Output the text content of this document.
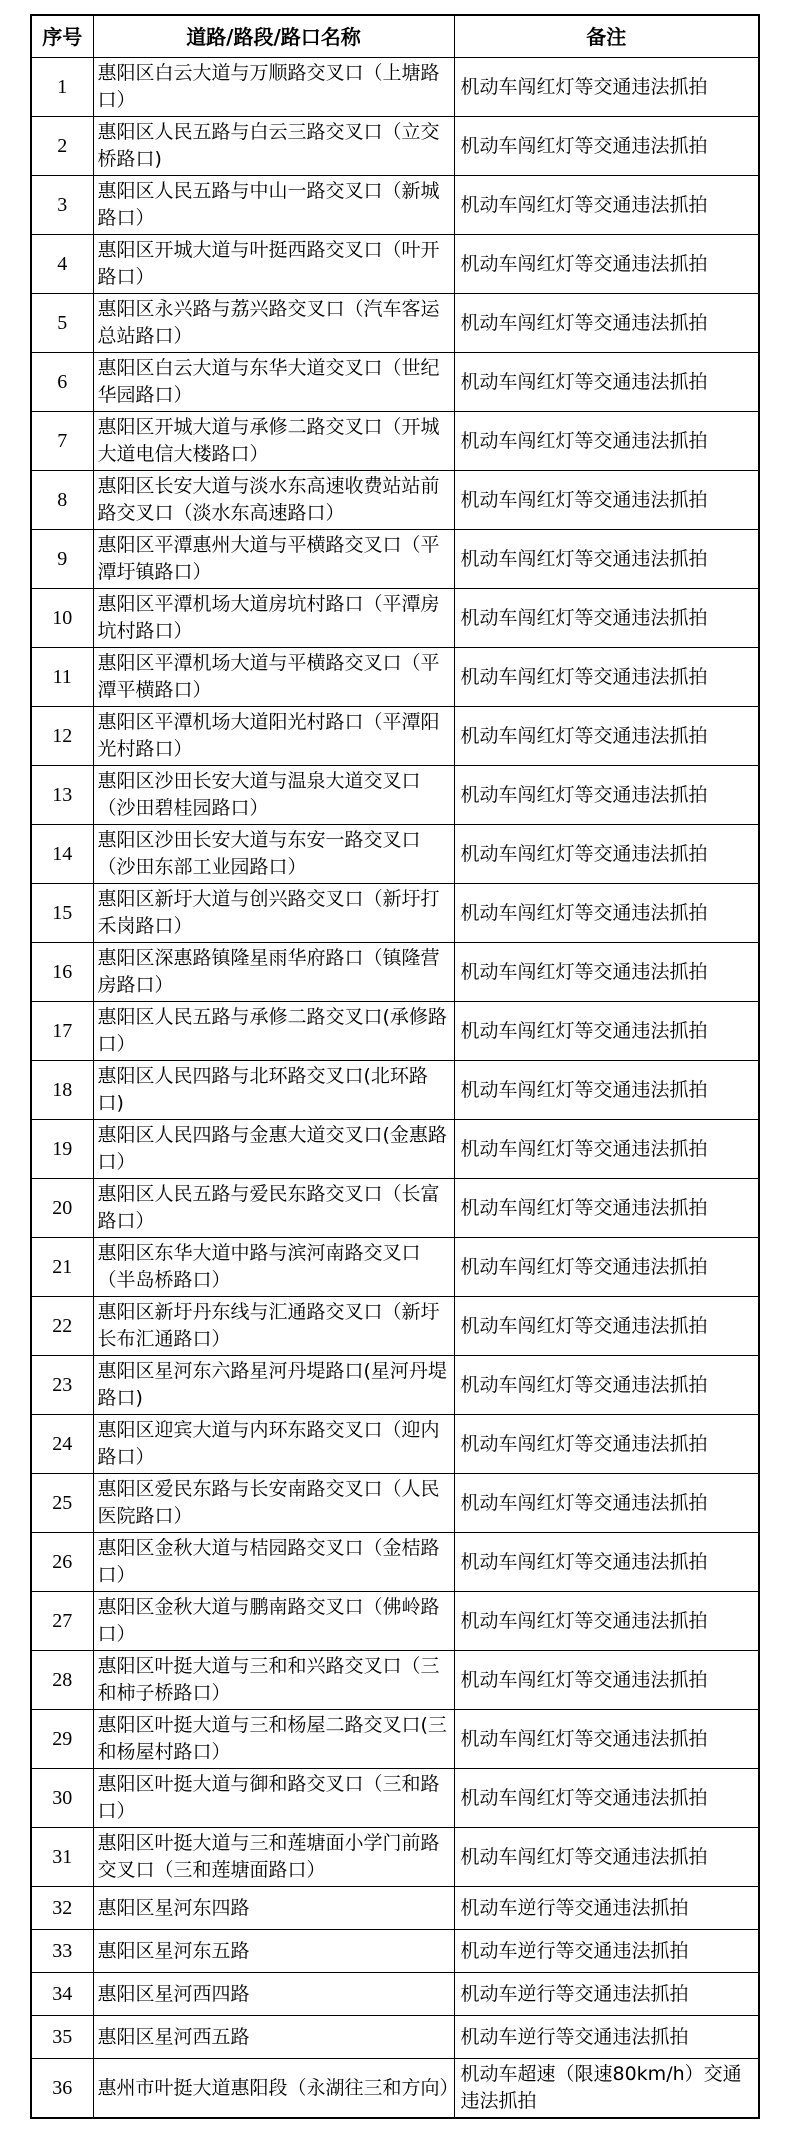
序号	道路/路段/路口名称	备注
1	惠阳区白云大道与万顺路交叉口（上塘路口）	机动车闯红灯等交通违法抓拍
2	惠阳区人民五路与白云三路交叉口（立交桥路口)	机动车闯红灯等交通违法抓拍
3	惠阳区人民五路与中山一路交叉口（新城路口）	机动车闯红灯等交通违法抓拍
4	惠阳区开城大道与叶挺西路交叉口（叶开路口）	机动车闯红灯等交通违法抓拍
5	惠阳区永兴路与荔兴路交叉口（汽车客运总站路口）	机动车闯红灯等交通违法抓拍
6	惠阳区白云大道与东华大道交叉口（世纪华园路口）	机动车闯红灯等交通违法抓拍
7	惠阳区开城大道与承修二路交叉口（开城大道电信大楼路口）	机动车闯红灯等交通违法抓拍
8	惠阳区长安大道与淡水东高速收费站站前路交叉口（淡水东高速路口）	机动车闯红灯等交通违法抓拍
9	惠阳区平潭惠州大道与平横路交叉口（平潭圩镇路口）	机动车闯红灯等交通违法抓拍
10	惠阳区平潭机场大道房坑村路口（平潭房坑村路口）	机动车闯红灯等交通违法抓拍
11	惠阳区平潭机场大道与平横路交叉口（平潭平横路口）	机动车闯红灯等交通违法抓拍
12	惠阳区平潭机场大道阳光村路口（平潭阳光村路口）	机动车闯红灯等交通违法抓拍
13	惠阳区沙田长安大道与温泉大道交叉口（沙田碧桂园路口）	机动车闯红灯等交通违法抓拍
14	惠阳区沙田长安大道与东安一路交叉口（沙田东部工业园路口）	机动车闯红灯等交通违法抓拍
15	惠阳区新圩大道与创兴路交叉口（新圩打禾岗路口）	机动车闯红灯等交通违法抓拍
16	惠阳区深惠路镇隆星雨华府路口（镇隆营房路口）	机动车闯红灯等交通违法抓拍
17	惠阳区人民五路与承修二路交叉口(承修路口）	机动车闯红灯等交通违法抓拍
18	惠阳区人民四路与北环路交叉口(北环路口)	机动车闯红灯等交通违法抓拍
19	惠阳区人民四路与金惠大道交叉口(金惠路口）	机动车闯红灯等交通违法抓拍
20	惠阳区人民五路与爱民东路交叉口（长富路口）	机动车闯红灯等交通违法抓拍
21	惠阳区东华大道中路与滨河南路交叉口（半岛桥路口）	机动车闯红灯等交通违法抓拍
22	惠阳区新圩丹东线与汇通路交叉口（新圩长布汇通路口）	机动车闯红灯等交通违法抓拍
23	惠阳区星河东六路星河丹堤路口(星河丹堤路口)	机动车闯红灯等交通违法抓拍
24	惠阳区迎宾大道与内环东路交叉口（迎内路口）	机动车闯红灯等交通违法抓拍
25	惠阳区爱民东路与长安南路交叉口（人民医院路口）	机动车闯红灯等交通违法抓拍
26	惠阳区金秋大道与桔园路交叉口（金桔路口）	机动车闯红灯等交通违法抓拍
27	惠阳区金秋大道与鹏南路交叉口（佛岭路口）	机动车闯红灯等交通违法抓拍
28	惠阳区叶挺大道与三和和兴路交叉口（三和柿子桥路口）	机动车闯红灯等交通违法抓拍
29	惠阳区叶挺大道与三和杨屋二路交叉口(三和杨屋村路口）	机动车闯红灯等交通违法抓拍
30	惠阳区叶挺大道与御和路交叉口（三和路口）	机动车闯红灯等交通违法抓拍
31	惠阳区叶挺大道与三和莲塘面小学门前路交叉口（三和莲塘面路口）	机动车闯红灯等交通违法抓拍
32	惠阳区星河东四路	机动车逆行等交通违法抓拍
33	惠阳区星河东五路	机动车逆行等交通违法抓拍
34	惠阳区星河西四路	机动车逆行等交通违法抓拍
35	惠阳区星河西五路	机动车逆行等交通违法抓拍
36	惠州市叶挺大道惠阳段（永湖往三和方向）	机动车超速（限速80km/h）交通违法抓拍
